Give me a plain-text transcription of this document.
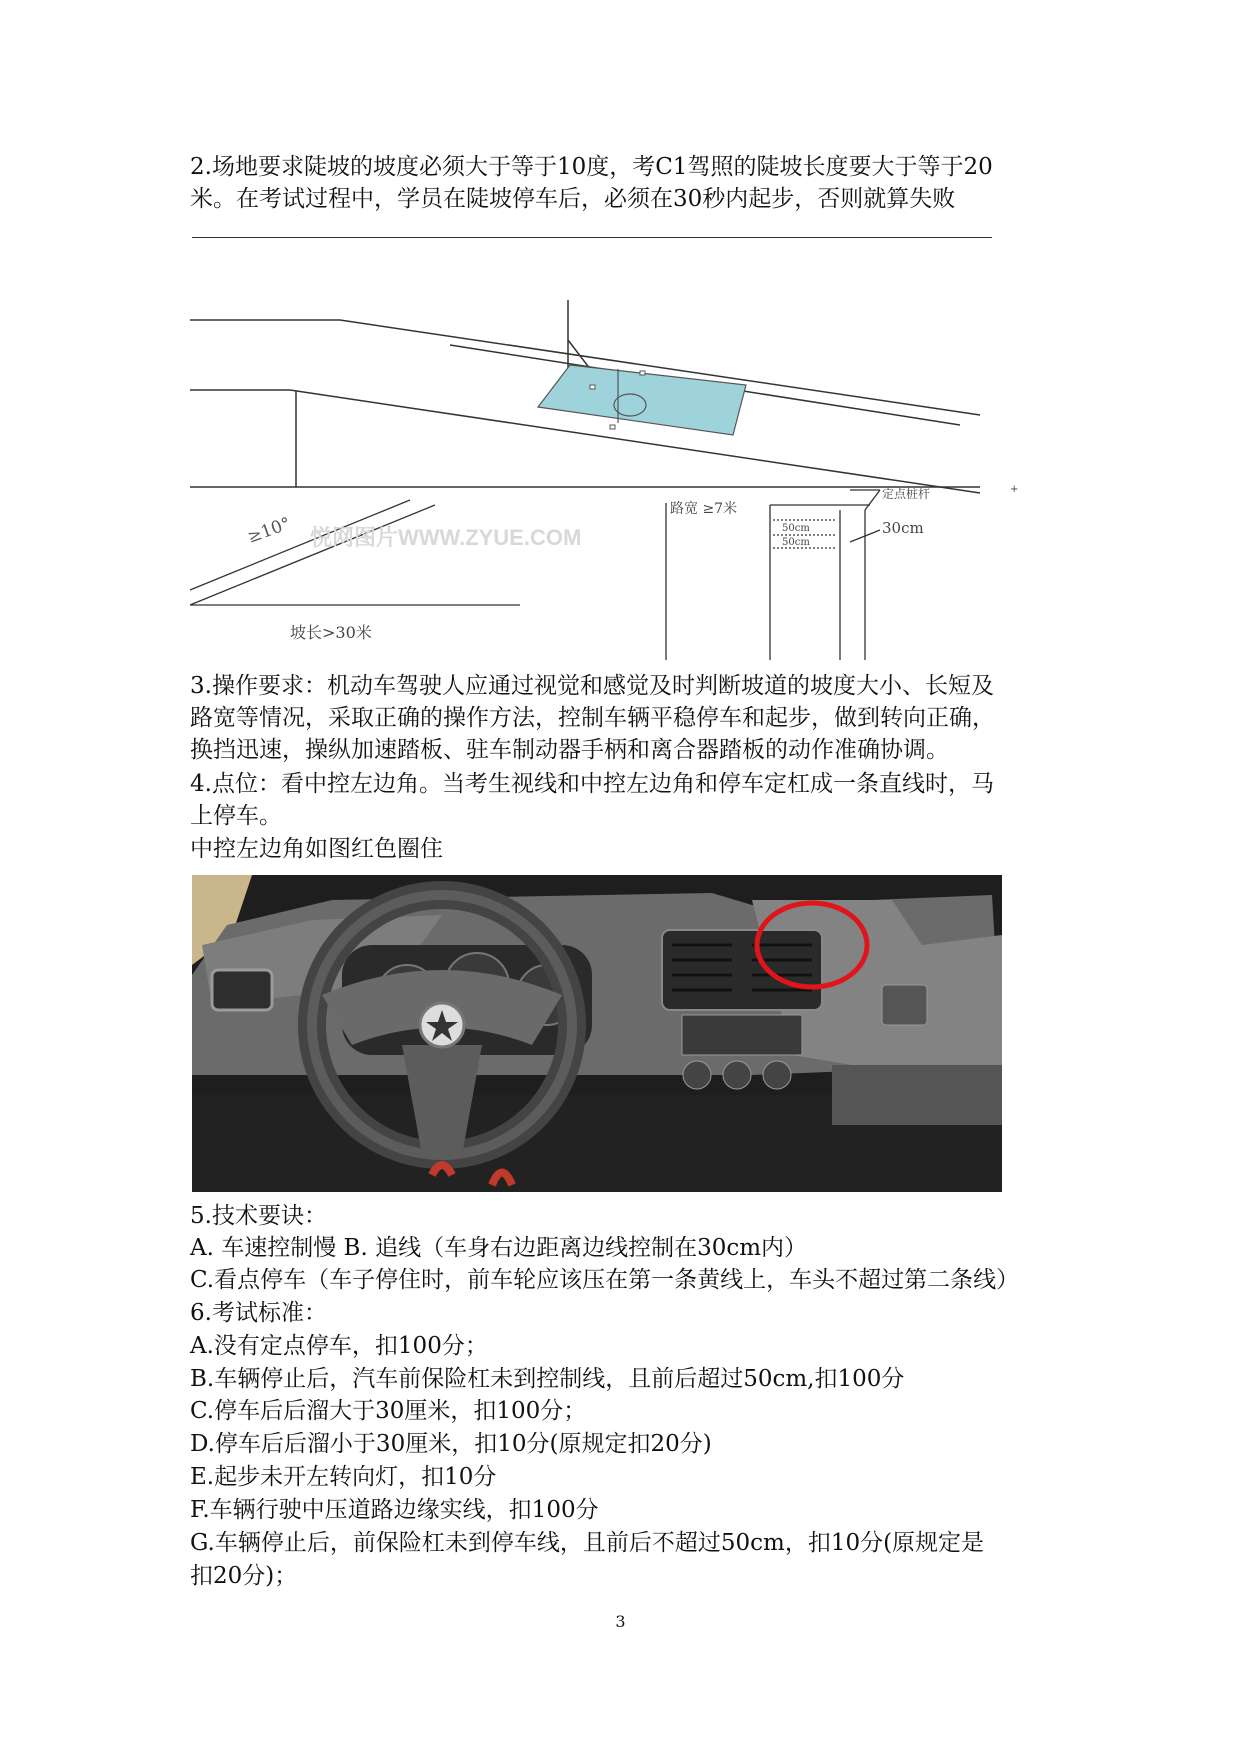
2.场地要求陡坡的坡度必须大于等于10度，考C1驾照的陡坡长度要大于等于20
米。在考试过程中，学员在陡坡停车后，必须在30秒内起步，否则就算失败
+
≥10° 悦网图片WWW.ZYUE.COM
路宽 ≥7米
定点桩杆
50cm
50cm
30cm
坡长>30米
3.操作要求：机动车驾驶人应通过视觉和感觉及时判断坡道的坡度大小、长短及
路宽等情况，采取正确的操作方法，控制车辆平稳停车和起步，做到转向正确，
换挡迅速，操纵加速踏板、驻车制动器手柄和离合器踏板的动作准确协调。
4.点位：看中控左边角。当考生视线和中控左边角和停车定杠成一条直线时，马
上停车。
中控左边角如图红色圈住
5.技术要诀：
A. 车速控制慢 B. 追线（车身右边距离边线控制在30cm内）
C.看点停车（车子停住时，前车轮应该压在第一条黄线上，车头不超过第二条线）
6.考试标准：
A.没有定点停车，扣100分；
B.车辆停止后，汽车前保险杠未到控制线，且前后超过50cm,扣100分
C.停车后后溜大于30厘米，扣100分；
D.停车后后溜小于30厘米，扣10分(原规定扣20分)
E.起步未开左转向灯，扣10分
F.车辆行驶中压道路边缘实线，扣100分
G.车辆停止后，前保险杠未到停车线，且前后不超过50cm，扣10分(原规定是
扣20分)；
3
